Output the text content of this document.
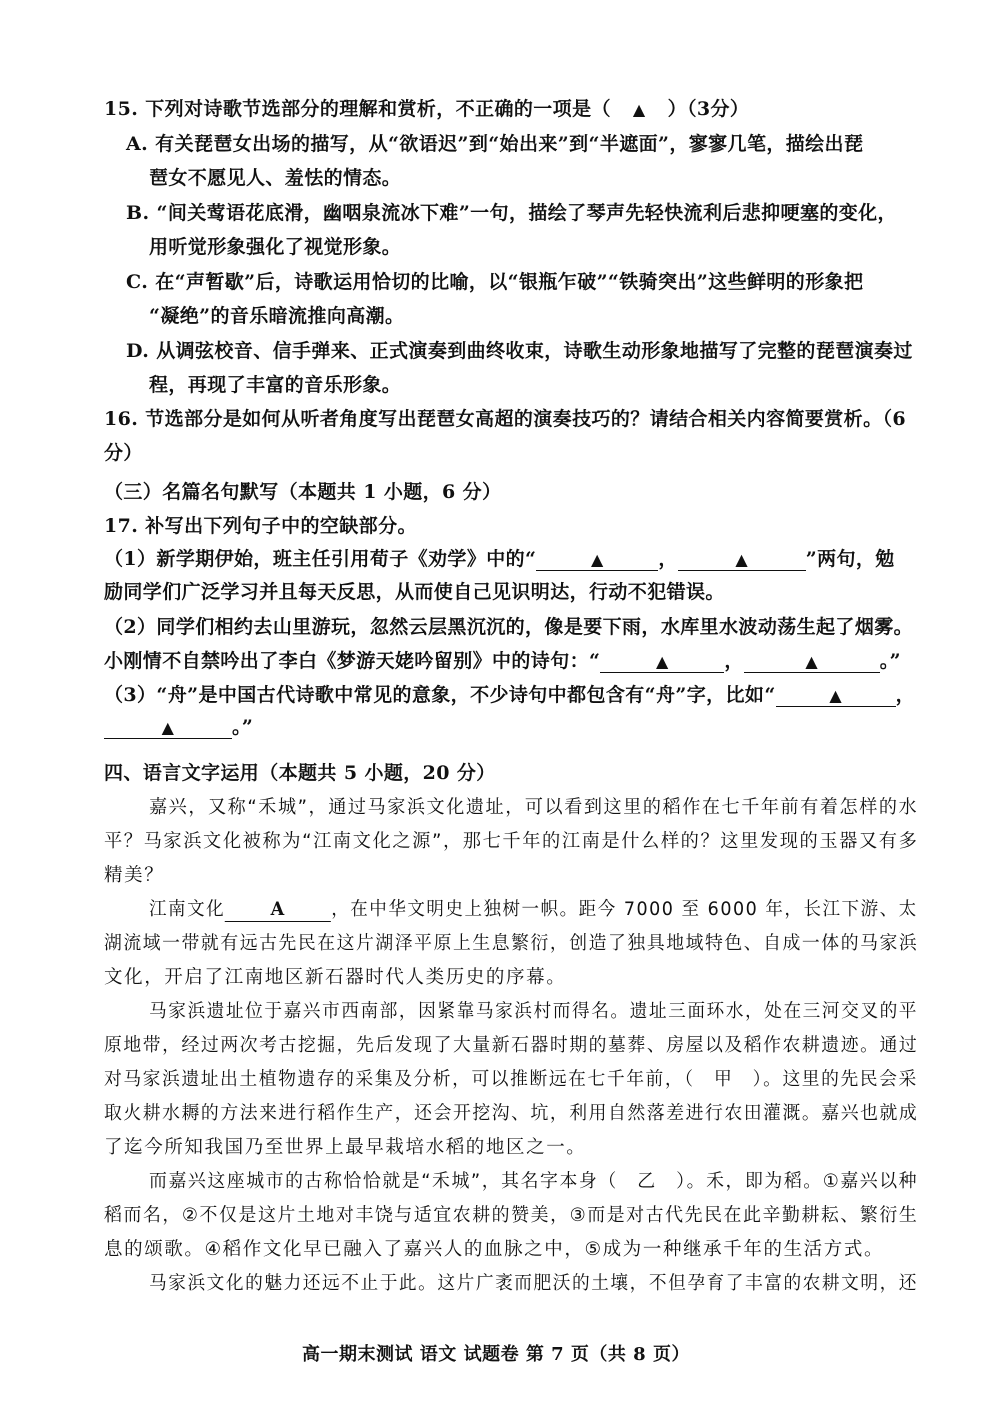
15. 下列对诗歌节选部分的理解和赏析，不正确的一项是（ ▲ ）（3分）
A. 有关琵琶女出场的描写，从“欲语迟”到“始出来”到“半遮面”，寥寥几笔，描绘出琵
琶女不愿见人、羞怯的情态。
B. “间关莺语花底滑，幽咽泉流冰下难”一句，描绘了琴声先轻快流利后悲抑哽塞的变化，
用听觉形象强化了视觉形象。
C. 在“声暂歇”后，诗歌运用恰切的比喻，以“银瓶乍破”“铁骑突出”这些鲜明的形象把
“凝绝”的音乐暗流推向高潮。
D. 从调弦校音、信手弹来、正式演奏到曲终收束，诗歌生动形象地描写了完整的琵琶演奏过
程，再现了丰富的音乐形象。
16. 节选部分是如何从听者角度写出琵琶女高超的演奏技巧的？请结合相关内容简要赏析。（6
分）
（三）名篇名句默写（本题共 1 小题，6 分）
17. 补写出下列句子中的空缺部分。
（1）新学期伊始，班主任引用荀子《劝学》中的“	▲	，	▲	”两句，勉
励同学们广泛学习并且每天反思，从而使自己见识明达，行动不犯错误。
（2）同学们相约去山里游玩，忽然云层黑沉沉的，像是要下雨，水库里水波动荡生起了烟雾。
小刚情不自禁吟出了李白《梦游天姥吟留别》中的诗句：“	▲	，	▲	。”
（3）“舟”是中国古代诗歌中常见的意象，不少诗句中都包含有“舟”字，比如“	▲	，
▲	。”
四、语言文字运用（本题共 5 小题，20 分）
嘉兴，又称“禾城”，通过马家浜文化遗址，可以看到这里的稻作在七千年前有着怎样的水
平？马家浜文化被称为“江南文化之源”，那七千年的江南是什么样的？这里发现的玉器又有多
精美？
江南文化 A ，在中华文明史上独树一帜。距今 7000 至 6000 年，长江下游、太
湖流域一带就有远古先民在这片湖泽平原上生息繁衍，创造了独具地域特色、自成一体的马家浜
文化，开启了江南地区新石器时代人类历史的序幕。
马家浜遗址位于嘉兴市西南部，因紧靠马家浜村而得名。遗址三面环水，处在三河交叉的平
原地带，经过两次考古挖掘，先后发现了大量新石器时期的墓葬、房屋以及稻作农耕遗迹。通过
对马家浜遗址出土植物遗存的采集及分析，可以推断远在七千年前，（　甲　）。这里的先民会采
取火耕水耨的方法来进行稻作生产，还会开挖沟、坑，利用自然落差进行农田灌溉。嘉兴也就成
了迄今所知我国乃至世界上最早栽培水稻的地区之一。
而嘉兴这座城市的古称恰恰就是“禾城”，其名字本身（　乙　）。禾，即为稻。①嘉兴以种
稻而名，②不仅是这片土地对丰饶与适宜农耕的赞美，③而是对古代先民在此辛勤耕耘、繁衍生
息的颂歌。④稻作文化早已融入了嘉兴人的血脉之中，⑤成为一种继承千年的生活方式。
马家浜文化的魅力还远不止于此。这片广袤而肥沃的土壤，不但孕育了丰富的农耕文明，还
高一期末测试 语文 试题卷 第 7 页（共 8 页）
